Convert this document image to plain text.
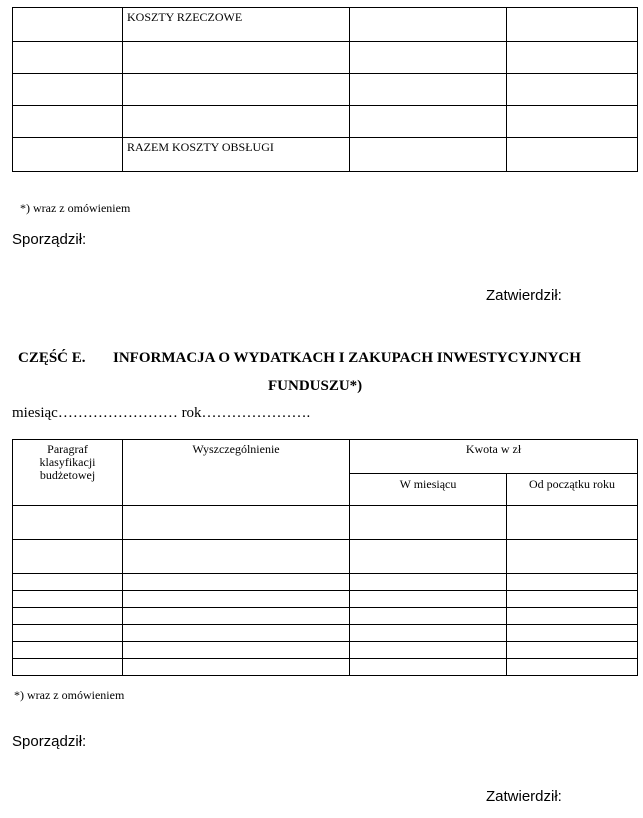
	KOSZTY RZECZOWE		

	RAZEM KOSZTY OBSŁUGI		
*) wraz z omówieniem
Sporządził:
Zatwierdził:
CZĘŚĆ E. INFORMACJA O WYDATKACH I ZAKUPACH INWESTYCYJNYCH
FUNDUSZU*)
miesiąc…………………… rok………………….
Paragraf klasyfikacji budżetowej	Wyszczególnienie	Kwota w zł	
		W miesiącu	Od początku roku

*) wraz z omówieniem
Sporządził:
Zatwierdził:
